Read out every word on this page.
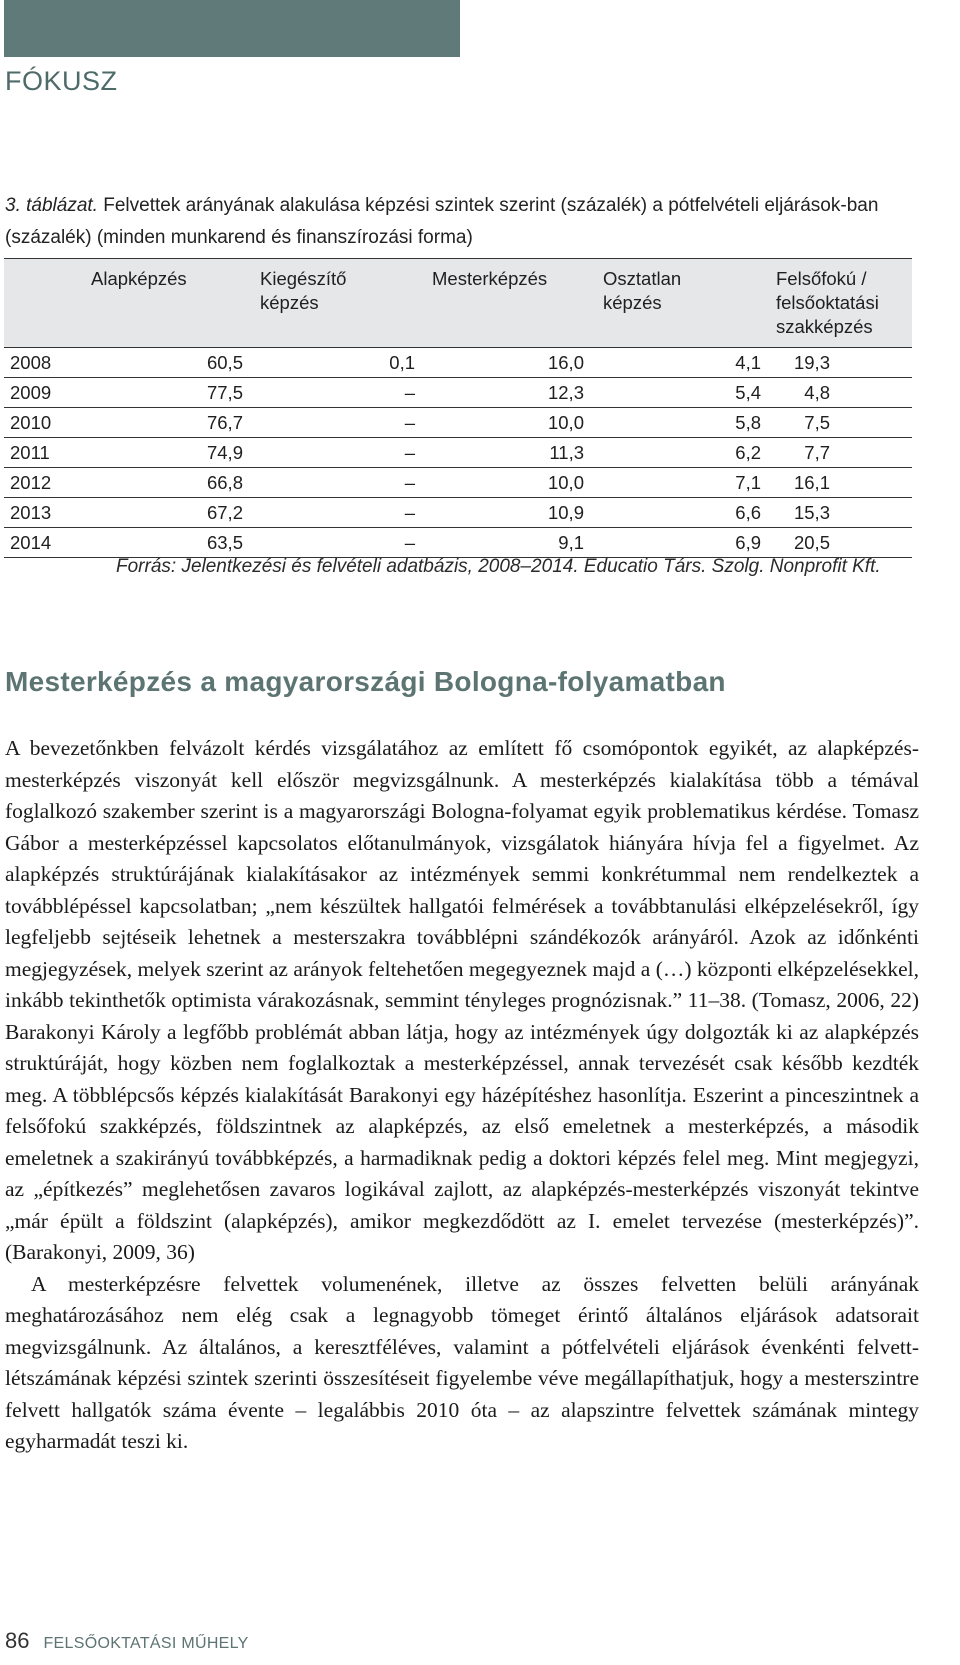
FÓKUSZ
3. táblázat. Felvettek arányának alakulása képzési szintek szerint (százalék) a pótfelvételi eljárások-ban (százalék) (minden munkarend és finanszírozási forma)
	Alapképzés	Kiegészítő képzés	Mesterképzés	Osztatlan képzés	Felsőfokú / felsőoktatási szakképzés
2008	60,5	0,1	16,0	4,1	19,3
2009	77,5	–	12,3	5,4	4,8
2010	76,7	–	10,0	5,8	7,5
2011	74,9	–	11,3	6,2	7,7
2012	66,8	–	10,0	7,1	16,1
2013	67,2	–	10,9	6,6	15,3
2014	63,5	–	9,1	6,9	20,5
Forrás: Jelentkezési és felvételi adatbázis, 2008–2014. Educatio Társ. Szolg. Nonprofit Kft.
Mesterképzés a magyarországi Bologna-folyamatban

A bevezetőnkben felvázolt kérdés vizsgálatához az említett fő csomópontok egyikét, az alapképzés-mesterképzés viszonyát kell először megvizsgálnunk. A mesterképzés kialakítása több a témával foglalkozó szakember szerint is a magyarországi Bologna-folyamat egyik problematikus kérdése. Tomasz Gábor a mesterképzéssel kapcsolatos előtanulmányok, vizsgálatok hiányára hívja fel a figyelmet. Az alapképzés struktúrájának kialakításakor az intézmények semmi konkrétummal nem rendelkeztek a továbblépéssel kapcsolatban; „nem készültek hallgatói felmérések a továbbtanulási elképzelésekről, így legfeljebb sejtéseik lehetnek a mesterszakra továbblépni szándékozók arányáról. Azok az időnkénti megjegyzések, melyek szerint az arányok feltehetően megegyeznek majd a (…) központi elképzelésekkel, inkább tekinthetők optimista várakozásnak, semmint tényleges prognózisnak.” 11–38. (Tomasz, 2006, 22) Barakonyi Károly a legfőbb problémát abban látja, hogy az intézmények úgy dolgozták ki az alapképzés struktúráját, hogy közben nem foglalkoztak a mesterképzéssel, annak tervezését csak később kezdték meg. A többlépcsős képzés kialakítását Barakonyi egy házépítéshez hasonlítja. Eszerint a pinceszintnek a felsőfokú szakképzés, földszintnek az alapképzés, az első emeletnek a mesterképzés, a második emeletnek a szakirányú továbbképzés, a harmadiknak pedig a doktori képzés felel meg. Mint megjegyzi, az „építkezés” meglehetősen zavaros logikával zajlott, az alapképzés-mesterképzés viszonyát tekintve „már épült a földszint (alapképzés), amikor megkezdődött az I. emelet tervezése (mesterképzés)”. (Barakonyi, 2009, 36)

A mesterképzésre felvettek volumenének, illetve az összes felvetten belüli arányának meghatározásához nem elég csak a legnagyobb tömeget érintő általános eljárások adatsorait megvizsgálnunk. Az általános, a keresztféléves, valamint a pótfelvételi eljárások évenkénti felvett-létszámának képzési szintek szerinti összesítéseit figyelembe véve megállapíthatjuk, hogy a mesterszintre felvett hallgatók száma évente – legalábbis 2010 óta – az alapszintre felvettek számának mintegy egyharmadát teszi ki.

86 FELSŐOKTATÁSI MŰHELY
